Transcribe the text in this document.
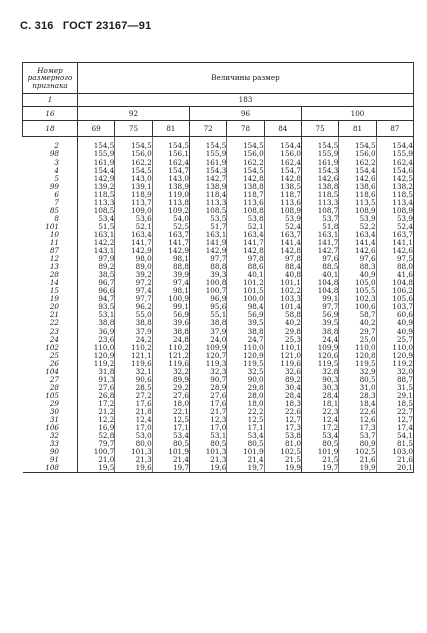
С. 316 ГОСТ 23167—91
Номер размерного признака	Величины размер								
1	183								
16	92			96			100		
18	69	75	81	72	78	84	75	81	87
2	154,5	154,5	154,5	154,5	154,5	154,4	154,5	154,5	154,4
98	155,9	156,0	156,1	155,9	156,0	156,0	155,9	156,0	155,9
3	161,9	162,2	162,4	161,9	162,2	162,4	161,9	162,2	162,4
4	154,4	154,5	154,7	154,3	154,5	154,7	154,3	154,4	154,6
5	142,9	143,0	143,0	142,7	142,8	142,8	142,6	142,6	142,5
99	139,2	139,1	138,9	138,9	138,8	138,5	138,8	138,6	138,2
6	118,5	118,9	119,0	118,4	118,7	118,7	118,5	118,6	118,5
7	113,3	113,7	113,8	113,3	113,6	113,6	113,3	113,5	113,4
85	108,5	109,0	109,2	108,5	108,8	108,9	108,7	108,9	108,9
8	53,4	53,6	54,0	53,5	53,8	53,9	53,7	53,9	53,9
101	51,5	52,1	52,5	51,7	52,1	52,4	51,8	52,2	52,4
10	163,1	163,4	163,7	163,1	163,4	163,7	163,1	163,4	163,7
11	142,2	141,7	141,7	141,9	141,7	141,4	141,7	141,4	141,1
87	143,1	142,9	142,9	142,9	142,8	142,8	142,7	142,6	142,6
12	97,9	98,0	98,1	97,7	97,8	97,8	97,6	97,6	97,5
13	89,2	89,0	88,8	88,8	88,6	88,4	88,5	88,3	88,0
28	38,5	39,2	39,9	39,3	40,1	40,8	40,1	40,9	41,6
14	96,7	97,2	97,4	100,8	101,2	101,1	104,8	105,0	104,8
15	96,6	97,4	98,1	100,7	101,5	102,2	104,8	105,5	106,2
19	94,7	97,7	100,9	96,9	100,0	103,3	99,1	102,3	105,6
20	93,5	96,2	99,1	95,6	98,4	101,4	97,7	100,6	103,7
21	53,1	55,0	56,9	55,1	56,9	58,8	56,9	58,7	60,6
22	38,8	38,8	39,6	38,8	39,5	40,2	39,5	40,2	40,9
23	36,9	37,9	38,8	37,9	38,8	29,8	38,8	29,7	40,9
24	23,6	24,2	24,8	24,0	24,7	25,3	24,4	25,0	25,7
102	110,0	110,2	110,2	109,9	110,0	110,1	109,9	110,0	110,0
25	120,9	121,1	121,2	120,7	120,9	121,0	120,6	120,8	120,9
26	119,2	119,6	119,6	119,3	119,5	119,6	119,5	119,5	119,2
104	31,8	32,1	32,2	32,3	32,5	32,6	32,8	32,9	32,0
27	91,3	90,6	89,9	90,7	90,0	89,2	90,3	80,5	88,7
28	27,6	28,5	29,2	28,9	29,8	30,4	30,3	31,0	31,5
105	26,8	27,2	27,6	27,6	28,0	28,4	28,4	28,3	29,1
29	17,2	17,6	18,0	17,6	18,0	18,3	18,1	18,4	18,5
30	21,2	21,8	22,1	21,7	22,2	22,6	22,3	22,6	22,7
31	12,2	12,4	12,5	12,3	12,5	12,7	12,4	12,6	12,7
106	16,9	17,0	17,1	17,0	17,1	17,3	17,2	17,3	17,4
32	52,8	53,0	53,4	53,1	53,4	53,8	53,4	53,7	54,1
33	79,7	80,0	80,5	80,5	80,5	81,0	80,5	80,9	81,5
90	100,7	101,3	101,9	101,3	101,9	102,5	101,9	102,5	103,0
91	21,0	21,3	21,4	21,3	21,4	21,5	21,5	21,6	21,6
108	19,5	19,6	19,7	19,6	19,7	19,9	19,7	19,9	20,1
